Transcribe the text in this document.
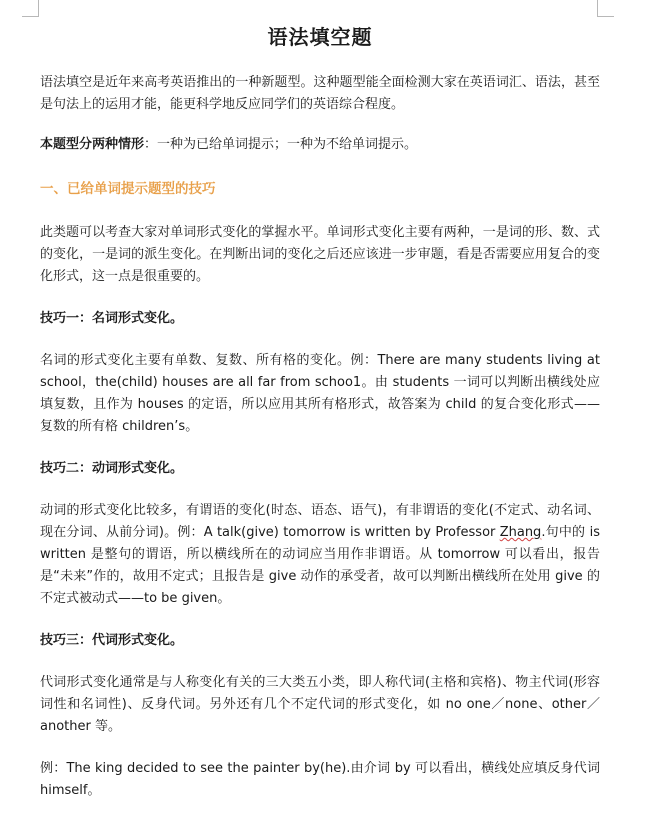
语法填空题

语法填空是近年来高考英语推出的一种新题型。这种题型能全面检测大家在英语词汇、语法，甚至是句法上的运用才能，能更科学地反应同学们的英语综合程度。

本题型分两种情形：一种为已给单词提示；一种为不给单词提示。

一、已给单词提示题型的技巧

此类题可以考查大家对单词形式变化的掌握水平。单词形式变化主要有两种，一是词的形、数、式的变化，一是词的派生变化。在判断出词的变化之后还应该进一步审题，看是否需要应用复合的变化形式，这一点是很重要的。

技巧一：名词形式变化。

名词的形式变化主要有单数、复数、所有格的变化。例：There are many students living at school，the(child) houses are all far from schoo1。由 students 一词可以判断出横线处应填复数，且作为 houses 的定语，所以应用其所有格形式，故答案为 child 的复合变化形式—— 复数的所有格 children’s。

技巧二：动词形式变化。

动词的形式变化比较多，有谓语的变化(时态、语态、语气)，有非谓语的变化(不定式、动名词、现在分词、从前分词)。例：A talk(give) tomorrow is written by Professor Zhang.句中的 is written 是整句的谓语，所以横线所在的动词应当用作非谓语。从 tomorrow 可以看出，报告是“未来”作的，故用不定式；且报告是 give 动作的承受者，故可以判断出横线所在处用 give 的不定式被动式——to be given。

技巧三：代词形式变化。

代词形式变化通常是与人称变化有关的三大类五小类，即人称代词(主格和宾格)、物主代词(形容词性和名词性)、反身代词。另外还有几个不定代词的形式变化，如 no one／none、other／another 等。

例：The king decided to see the painter by(he).由介词 by 可以看出，横线处应填反身代词 himself。
